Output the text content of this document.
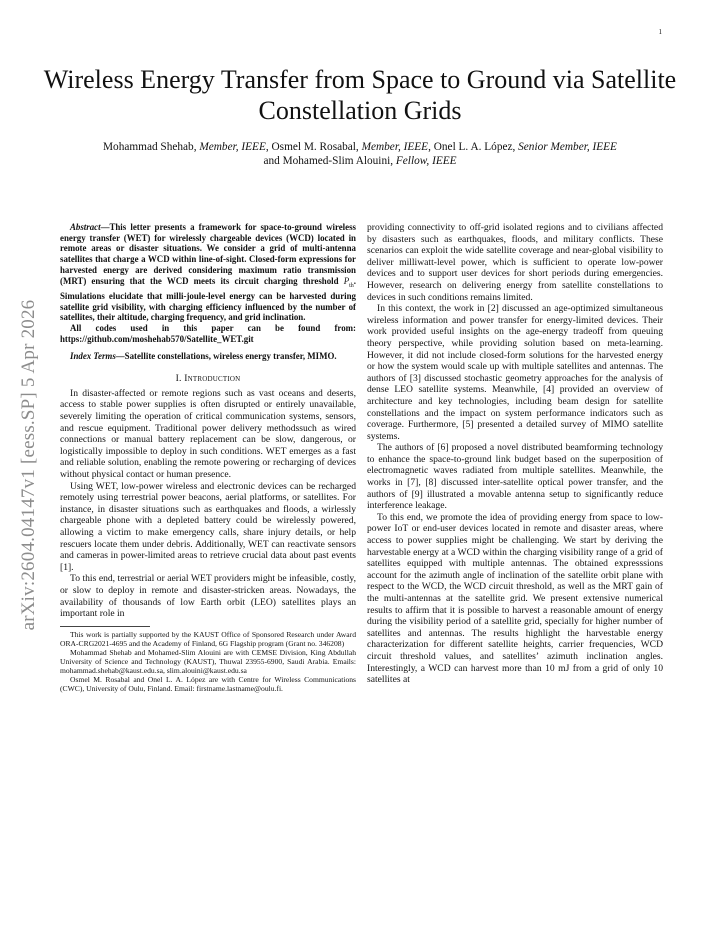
1
arXiv:2604.04147v1 [eess.SP] 5 Apr 2026
Wireless Energy Transfer from Space to Ground via Satellite Constellation Grids
Mohammad Shehab, Member, IEEE, Osmel M. Rosabal, Member, IEEE, Onel L. A. López, Senior Member, IEEE
and Mohamed-Slim Alouini, Fellow, IEEE

Abstract—This letter presents a framework for space-to-ground wireless energy transfer (WET) for wirelessly chargeable devices (WCD) located in remote areas or disaster situations. We consider a grid of multi-antenna satellites that charge a WCD within line-of-sight. Closed-form expressions for harvested energy are derived considering maximum ratio transmission (MRT) ensuring that the WCD meets its circuit charging threshold $P_{th}$. Simulations elucidate that milli-joule-level energy can be harvested during satellite grid visibility, with charging efficiency influenced by the number of satellites, their altitude, charging frequency, and grid inclination.

All codes used in this paper can be found from: https://github.com/moshehab570/Satellite_WET.git

Index Terms—Satellite constellations, wireless energy transfer, MIMO.

I. Introduction

In disaster-affected or remote regions such as vast oceans and deserts, access to stable power supplies is often disrupted or entirely unavailable, severely limiting the operation of critical communication systems, sensors, and rescue equipment. Traditional power delivery methodssuch as wired connections or manual battery replacement can be slow, dangerous, or logistically impossible to deploy in such conditions. WET emerges as a fast and reliable solution, enabling the remote powering or recharging of devices without physical contact or human presence.

Using WET, low-power wireless and electronic devices can be recharged remotely using terrestrial power beacons, aerial platforms, or satellites. For instance, in disaster situations such as earthquakes and floods, a wirlessly chargeable phone with a depleted battery could be wirelessly powered, allowing a victim to make emergency calls, share injury details, or help rescuers locate them under debris. Additionally, WET can reactivate sensors and cameras in power-limited areas to retrieve crucial data about past events [1].

To this end, terrestrial or aerial WET providers might be infeasible, costly, or slow to deploy in remote and disaster-stricken areas. Nowadays, the availability of thousands of low Earth orbit (LEO) satellites plays an important role in

This work is partially supported by the KAUST Office of Sponsored Research under Award ORA-CRG2021-4695 and the Academy of Finland, 6G Flagship program (Grant no. 346208)

Mohammad Shehab and Mohamed-Slim Alouini are with CEMSE Division, King Abdullah University of Science and Technology (KAUST), Thuwal 23955-6900, Saudi Arabia. Emails: mohammad.shehab@kaust.edu.sa, slim.alouini@kaust.edu.sa

Osmel M. Rosabal and Onel L. A. López are with Centre for Wireless Communications (CWC), University of Oulu, Finland. Email: firstname.lastname@oulu.fi.

providing connectivity to off-grid isolated regions and to civilians affected by disasters such as earthquakes, floods, and military conflicts. These scenarios can exploit the wide satellite coverage and near-global visibility to deliver milliwatt-level power, which is sufficient to operate low-power devices and to support user devices for short periods during emergencies. However, research on delivering energy from satellite constellations to devices in such conditions remains limited.

In this context, the work in [2] discussed an age-optimized simultaneous wireless information and power transfer for energy-limited devices. Their work provided useful insights on the age-energy tradeoff from queuing theory perspective, while providing solution based on meta-learning. However, it did not include closed-form solutions for the harvested energy or how the system would scale up with multiple satellites and antennas. The authors of [3] discussed stochastic geometry approaches for the analysis of dense LEO satellite systems. Meanwhile, [4] provided an overview of architecture and key technologies, including beam design for satellite constellations and the impact on system performance indicators such as coverage. Furthermore, [5] presented a detailed survey of MIMO satellite systems.

The authors of [6] proposed a novel distributed beamforming technology to enhance the space-to-ground link budget based on the superposition of electromagnetic waves radiated from multiple satellites. Meanwhile, the works in [7], [8] discussed inter-satellite optical power transfer, and the authors of [9] illustrated a movable antenna setup to significantly reduce interference leakage.

To this end, we promote the idea of providing energy from space to low-power IoT or end-user devices located in remote and disaster areas, where access to power supplies might be challenging. We start by deriving the harvestable energy at a WCD within the charging visibility range of a grid of satellites equipped with multiple antennas. The obtained expresssions account for the azimuth angle of inclination of the satellite orbit plane with respect to the WCD, the WCD circuit threshold, as well as the MRT gain of the multi-antennas at the satellite grid. We present extensive numerical results to affirm that it is possible to harvest a reasonable amount of energy during the visibility period of a satellite grid, specially for higher number of satellites and antennas. The results highlight the harvestable energy characterization for different satellite heights, carrier frequencies, WCD circuit threshold values, and satellites’ azimuth inclination angles. Interestingly, a WCD can harvest more than 10 mJ from a grid of only 10 satellites at
